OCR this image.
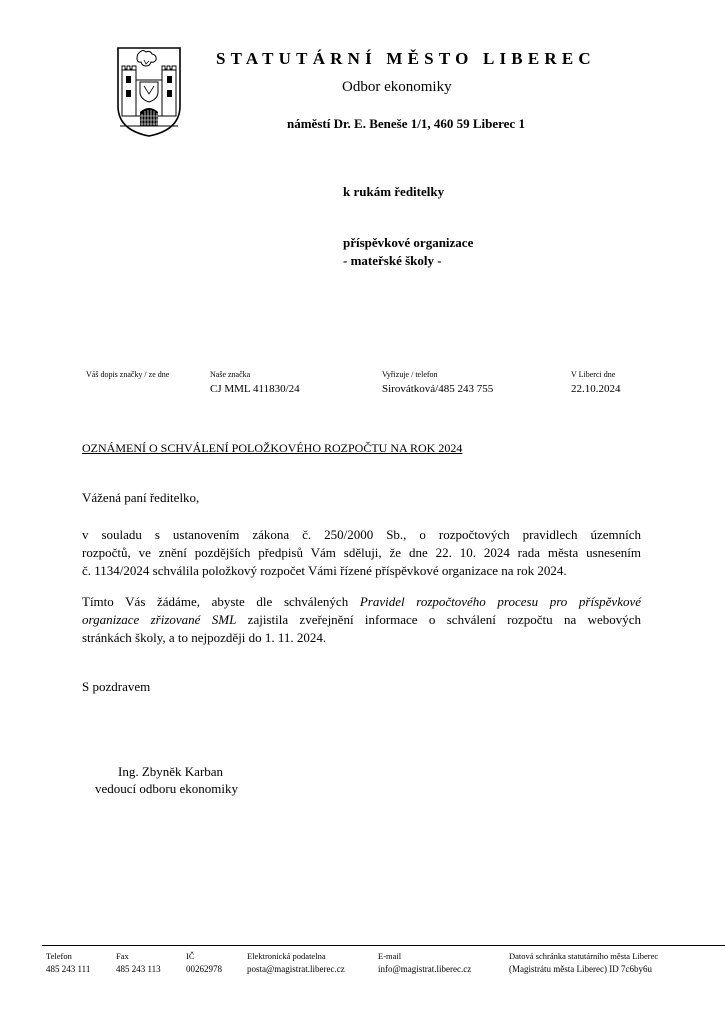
STATUTÁRNÍ MĚSTO LIBEREC
Odbor ekonomiky
náměstí Dr. E. Beneše 1/1, 460 59 Liberec 1
k rukám ředitelky
příspěvkové organizace
- mateřské školy -
Váš dopis značky / ze dne	Naše značka
CJ MML 411830/24
Vyřizuje / telefon
Sirovátková/485 243 755
V Liberci dne
22.10.2024
OZNÁMENÍ O SCHVÁLENÍ POLOŽKOVÉHO ROZPOČTU NA ROK 2024
Vážená paní ředitelko,
v souladu s ustanovením zákona č. 250/2000 Sb., o rozpočtových pravidlech územních
rozpočtů, ve znění pozdějších předpisů Vám sděluji, že dne 22. 10. 2024 rada města usnesením
č. 1134/2024 schválila položkový rozpočet Vámi řízené příspěvkové organizace na rok 2024.
Tímto Vás žádáme, abyste dle schválených Pravidel rozpočtového procesu pro příspěvkové
organizace zřizované SML zajistila zveřejnění informace o schválení rozpočtu na webových
stránkách školy, a to nejpozději do 1. 11. 2024.
S pozdravem
Ing. Zbyněk Karban
vedoucí odboru ekonomiky
Telefon
485 243 111
Fax
485 243 113
IČ
00262978
Elektronická podatelna
posta@magistrat.liberec.cz
E-mail
info@magistrat.liberec.cz
Datová schránka statutárního města Liberec
(Magistrátu města Liberec) ID 7c6by6u
